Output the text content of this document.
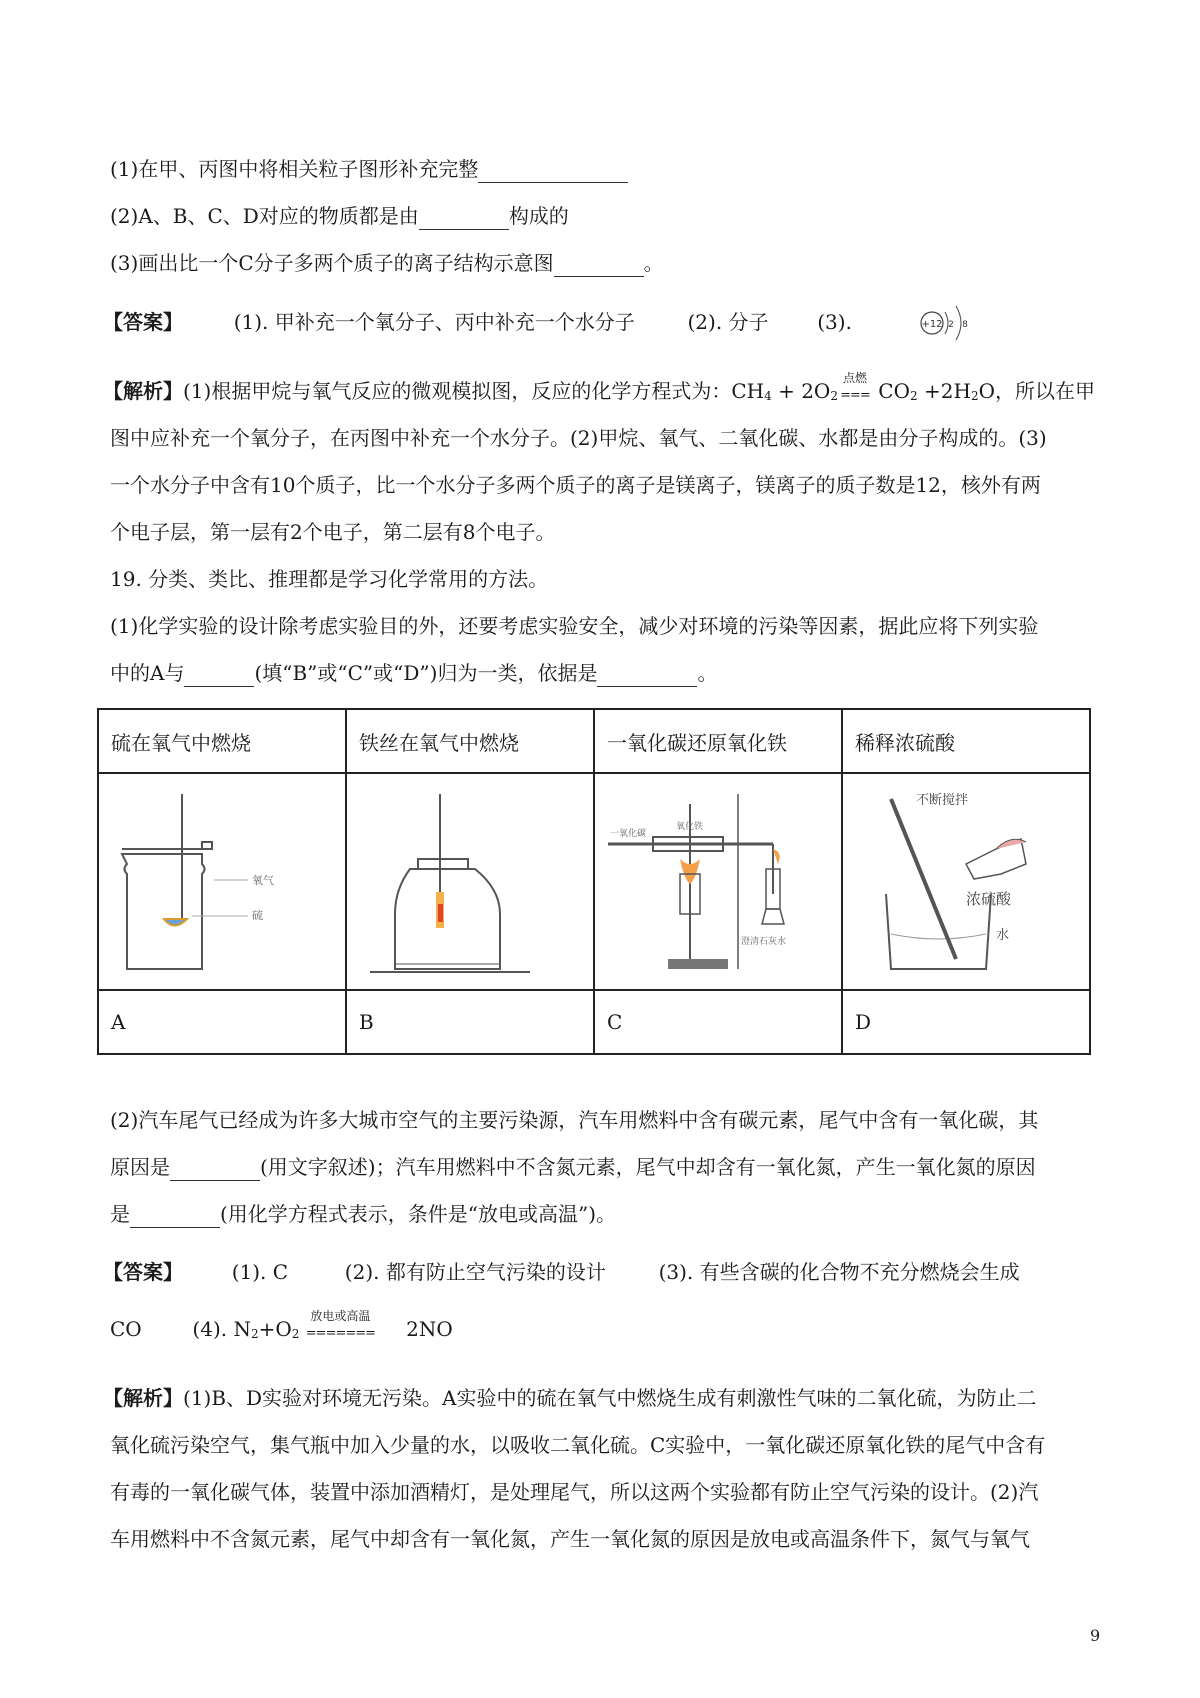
(1)在甲、丙图中将相关粒子图形补充完整
(2)A、B、C、D对应的物质都是由	构成的
(3)画出比一个C分子多两个质子的离子结构示意图	。
【答案】	(1). 甲补充一个氧分子、丙中补充一个水分子	(2). 分子 (3).	+12 2 8
【解析】(1)根据甲烷与氧气反应的微观模拟图，反应的化学方程式为：CH4 + 2O2
点燃
=== CO2 +2H2O，所以在甲
图中应补充一个氧分子，在丙图中补充一个水分子。(2)甲烷、氧气、二氧化碳、水都是由分子构成的。(3)
一个水分子中含有10个质子，比一个水分子多两个质子的离子是镁离子，镁离子的质子数是12，核外有两
个电子层，第一层有2个电子，第二层有8个电子。
19. 分类、类比、推理都是学习化学常用的方法。
(1)化学实验的设计除考虑实验目的外，还要考虑实验安全，减少对环境的污染等因素，据此应将下列实验
中的A与	(填“B”或“C”或“D”)归为一类，依据是	。
硫在氧气中燃烧	铁丝在氧气中燃烧	一氧化碳还原氧化铁	稀释浓硫酸

氧气
硫		一氧化碳
氧化铁
澄清石灰水	不断搅拌
浓硫酸
水

A	B	C	D
(2)汽车尾气已经成为许多大城市空气的主要污染源，汽车用燃料中含有碳元素，尾气中含有一氧化碳，其
原因是	(用文字叙述)；汽车用燃料中不含氮元素，尾气中却含有一氧化氮，产生一氧化氮的原因
是	(用化学方程式表示，条件是“放电或高温”)。
【答案】 (1). C	(2). 都有防止空气污染的设计	(3). 有些含碳的化合物不充分燃烧会生成
CO	(4). N2+O2
放电或高温
======= 2NO
【解析】(1)B、D实验对环境无污染。A实验中的硫在氧气中燃烧生成有刺激性气味的二氧化硫，为防止二
氧化硫污染空气，集气瓶中加入少量的水，以吸收二氧化硫。C实验中，一氧化碳还原氧化铁的尾气中含有
有毒的一氧化碳气体，装置中添加酒精灯，是处理尾气，所以这两个实验都有防止空气污染的设计。(2)汽
车用燃料中不含氮元素，尾气中却含有一氧化氮，产生一氧化氮的原因是放电或高温条件下，氮气与氧气
9
